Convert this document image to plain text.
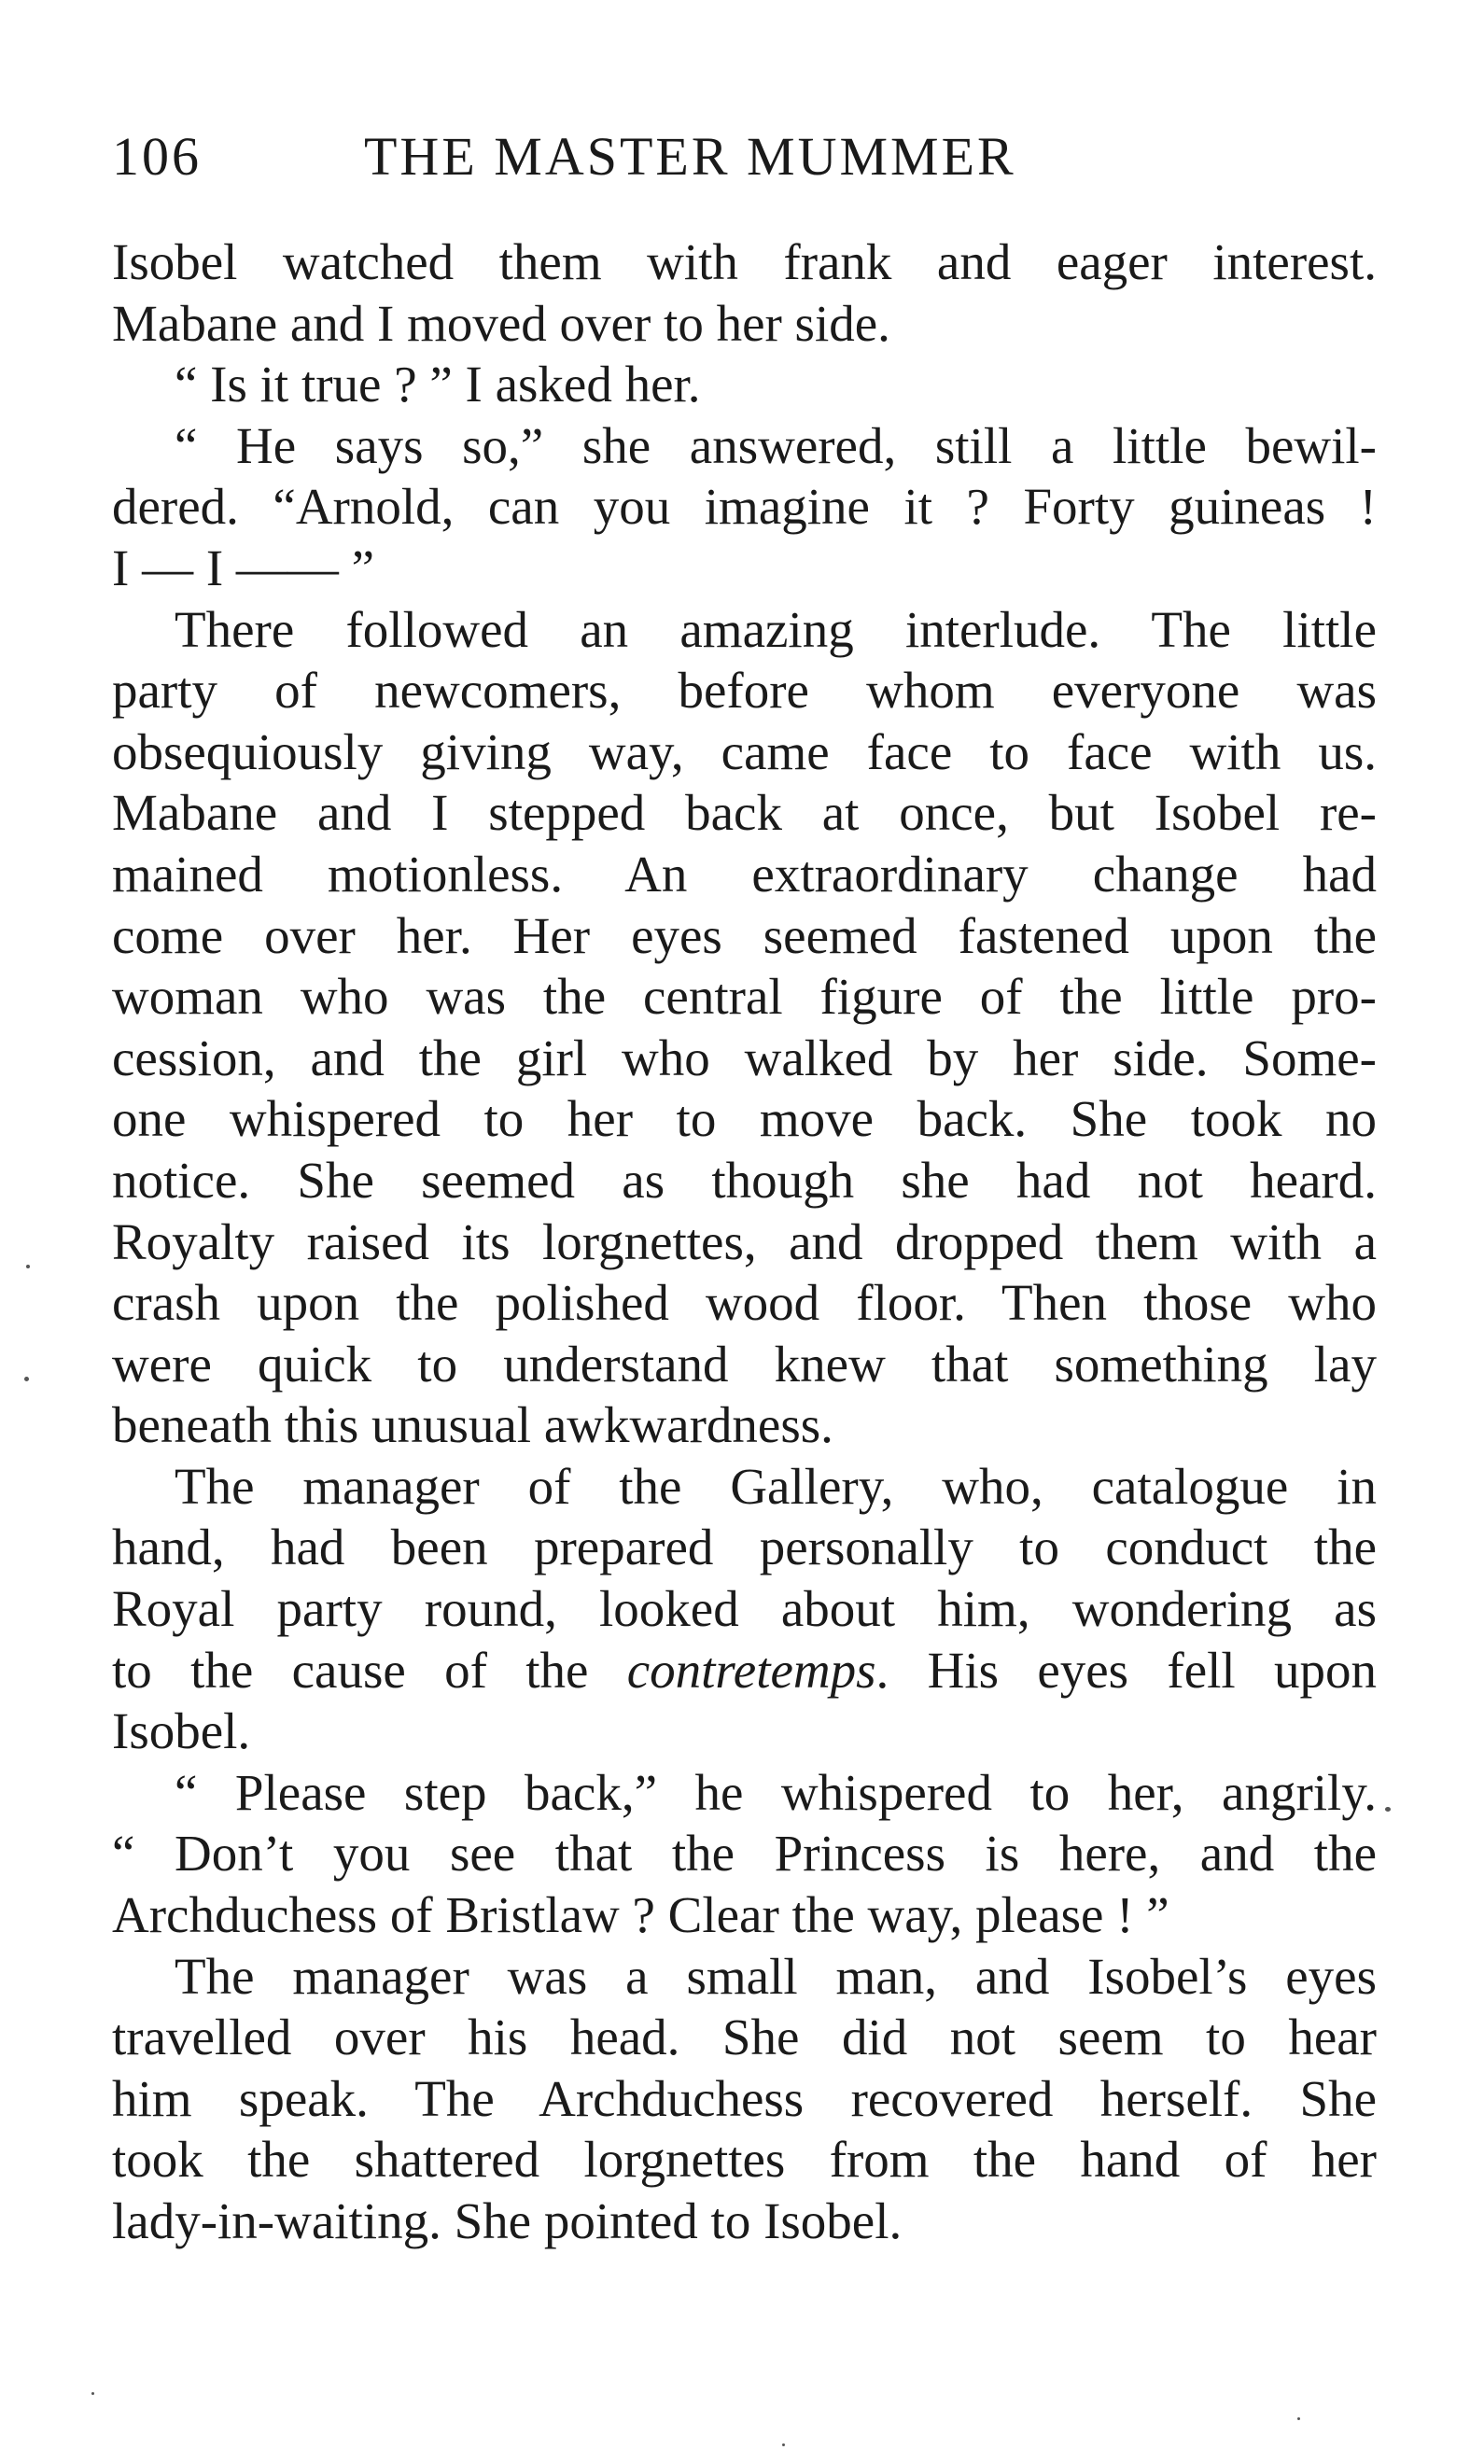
106	THE MASTER MUMMER
Isobel watched them with frank and eager interest.
Mabane and I moved over to her side.
“ Is it true ? ” I asked her.
“ He says so,” she answered, still a little bewil-
dered. “Arnold, can you imagine it ? Forty guineas !
I — I —— ”
There followed an amazing interlude. The little
party of newcomers, before whom everyone was
obsequiously giving way, came face to face with us.
Mabane and I stepped back at once, but Isobel re-
mained motionless. An extraordinary change had
come over her. Her eyes seemed fastened upon the
woman who was the central figure of the little pro-
cession, and the girl who walked by her side. Some-
one whispered to her to move back. She took no
notice. She seemed as though she had not heard.
Royalty raised its lorgnettes, and dropped them with a
crash upon the polished wood floor. Then those who
were quick to understand knew that something lay
beneath this unusual awkwardness.
The manager of the Gallery, who, catalogue in
hand, had been prepared personally to conduct the
Royal party round, looked about him, wondering as
to the cause of the contretemps. His eyes fell upon
Isobel.
“ Please step back,” he whispered to her, angrily.
“ Don’t you see that the Princess is here, and the
Archduchess of Bristlaw ? Clear the way, please ! ”
The manager was a small man, and Isobel’s eyes
travelled over his head. She did not seem to hear
him speak. The Archduchess recovered herself. She
took the shattered lorgnettes from the hand of her
lady-in-waiting. She pointed to Isobel.
